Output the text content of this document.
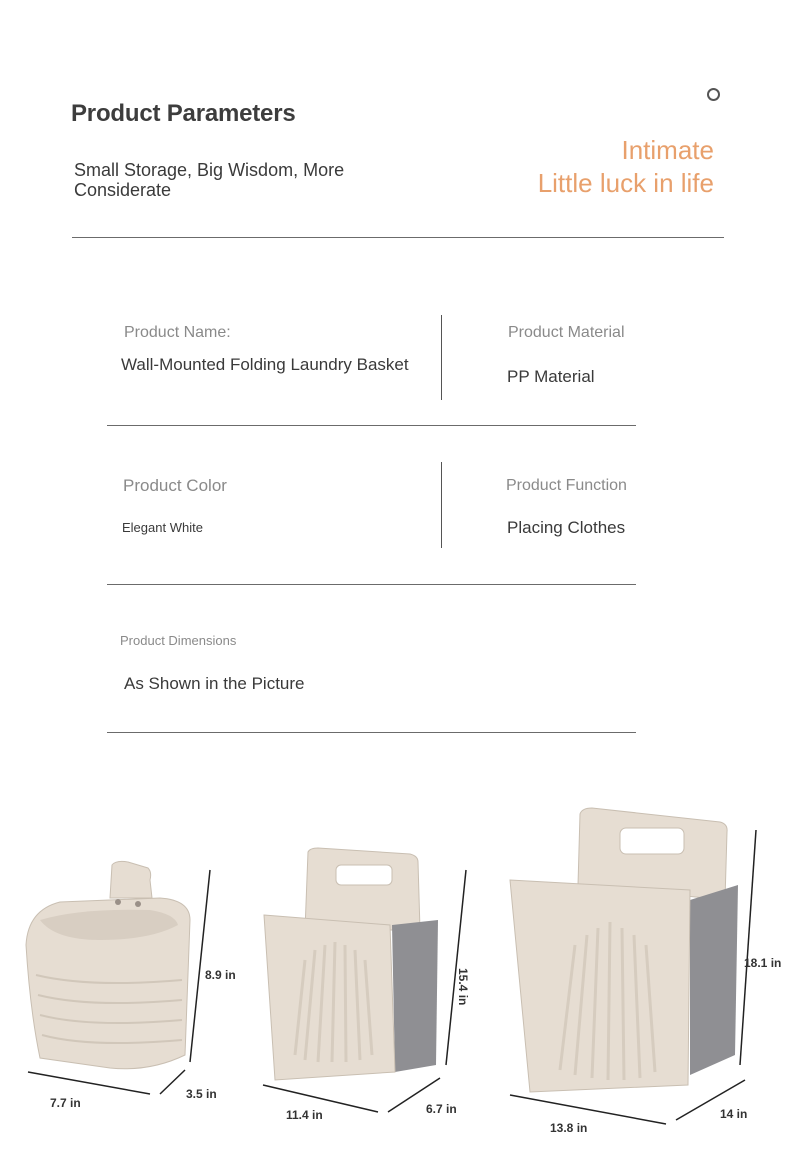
Product Parameters
Small Storage, Big Wisdom, More Considerate
Intimate
Little luck in life
Product Name:
Wall-Mounted Folding Laundry Basket
Product Material
PP Material
Product Color
Elegant White
Product Function
Placing Clothes
Product Dimensions
As Shown in the Picture
8.9 in
7.7 in
3.5 in
15.4 in
11.4 in	6.7 in
18.1 in
13.8 in
14 in
